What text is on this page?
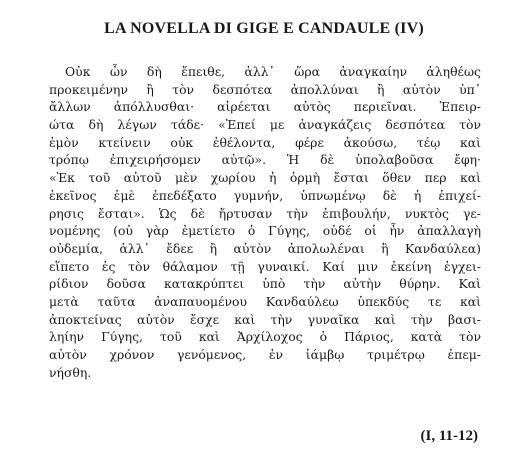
LA NOVELLA DI GIGE E CANDAULE (IV)
Οὐκ ὦν δὴ ἔπειθε, ἀλλ᾽ ὥρα ἀναγκαίην ἀληθέως
προκειμένην ἢ τὸν δεσπότεα ἀπολλύναι ἢ αὐτὸν ὑπ᾽
ἄλλων ἀπόλλυσθαι· αἱρέεται αὐτὸς περιεῖναι. Ἐπειρ-
ώτα δὴ λέγων τάδε· «Ἐπεί με ἀναγκάζεις δεσπότεα τὸν
ἐμὸν κτείνειν οὐκ ἐθέλοντα, φέρε ἀκούσω, τέῳ καὶ
τρόπῳ ἐπιχειρήσομεν αὐτῷ». Ἡ δὲ ὑπολαβοῦσα ἔφη·
«Ἐκ τοῦ αὐτοῦ μὲν χωρίου ἡ ὁρμὴ ἔσται ὅθεν περ καὶ
ἐκεῖνος ἐμὲ ἐπεδέξατο γυμνήν, ὑπνωμένῳ δὲ ἡ ἐπιχεί-
ρησις ἔσται». Ὡς δὲ ἤρτυσαν τὴν ἐπιβουλήν, νυκτὸς γε-
νομένης (οὐ γὰρ ἐμετίετο ὁ Γύγης, οὐδέ οἱ ἦν ἀπαλλαγὴ
οὐδεμία, ἀλλ᾽ ἔδεε ἢ αὐτὸν ἀπολωλέναι ἢ Κανδαύλεα)
εἵπετο ἐς τὸν θάλαμον τῇ γυναικί. Καί μιν ἐκείνη ἐγχει-
ρίδιον δοῦσα κατακρύπτει ὑπὸ τὴν αὐτὴν θύρην. Καὶ
μετὰ ταῦτα ἀναπαυομένου Κανδαύλεω ὑπεκδύς τε καὶ
ἀποκτείνας αὐτὸν ἔσχε καὶ τὴν γυναῖκα καὶ τὴν βασι-
ληίην Γύγης, τοῦ καὶ Ἀρχίλοχος ὁ Πάριος, κατὰ τὸν
αὐτὸν χρόνον γενόμενος, ἐν ἰάμβῳ τριμέτρῳ ἐπεμ-
νήσθη.
(I, 11-12)
